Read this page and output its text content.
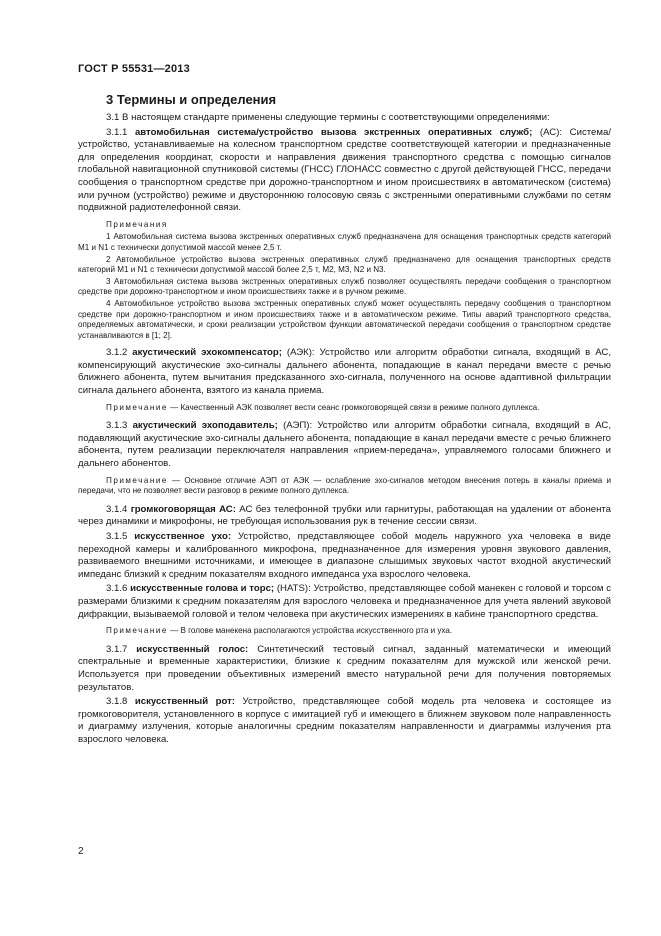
ГОСТ Р 55531—2013
3 Термины и определения

3.1 В настоящем стандарте применены следующие термины с соответствующими определениями:

3.1.1 автомобильная система/устройство вызова экстренных оперативных служб; (АС): Система/устройство, устанавливаемые на колесном транспортном средстве соответствующей категории и предназначенные для определения координат, скорости и направления движения транспортного средства с помощью сигналов глобальной навигационной спутниковой системы (ГНСС) ГЛОНАСС совместно с другой действующей ГНСС, передачи сообщения о транспортном средстве при дорожно-транспортном и ином происшествиях в автоматическом (система) или ручном (устройство) режиме и двустороннюю голосовую связь с экстренными оперативными службами по сетям подвижной радиотелефонной связи.

Примечания

1 Автомобильная система вызова экстренных оперативных служб предназначена для оснащения транспортных средств категорий М1 и N1 с технически допустимой массой менее 2,5 т.

2 Автомобильное устройство вызова экстренных оперативных служб предназначено для оснащения транспортных средств категорий М1 и N1 с технически допустимой массой более 2,5 т, М2, М3, N2 и N3.

3 Автомобильная система вызова экстренных оперативных служб позволяет осуществлять передачи сообщения о транспортном средстве при дорожно-транспортном и ином происшествиях также и в ручном режиме.

4 Автомобильное устройство вызова экстренных оперативных служб может осуществлять передачу сообщения о транспортном средстве при дорожно-транспортном и ином происшествиях также и в автоматическом режиме. Типы аварий транспортного средства, определяемых автоматически, и сроки реализации устройством функции автоматической передачи сообщения о транспортном средстве устанавливаются в [1; 2].

3.1.2 акустический эхокомпенсатор; (АЭК): Устройство или алгоритм обработки сигнала, входящий в АС, компенсирующий акустические эхо-сигналы дальнего абонента, попадающие в канал передачи вместе с речью ближнего абонента, путем вычитания предсказанного эхо-сигнала, полученного на основе адаптивной фильтрации сигнала дальнего абонента, взятого из канала приема.

Примечание — Качественный АЭК позволяет вести сеанс громкоговорящей связи в режиме полного дуплекса.

3.1.3 акустический эхоподавитель; (АЭП): Устройство или алгоритм обработки сигнала, входящий в АС, подавляющий акустические эхо-сигналы дальнего абонента, попадающие в канал передачи вместе с речью ближнего абонента, путем реализации переключателя направления «прием-передача», управляемого голосами ближнего и дальнего абонентов.

Примечание — Основное отличие АЭП от АЭК — ослабление эхо-сигналов методом внесения потерь в каналы приема и передачи, что не позволяет вести разговор в режиме полного дуплекса.

3.1.4 громкоговорящая АС: АС без телефонной трубки или гарнитуры, работающая на удалении от абонента через динамики и микрофоны, не требующая использования рук в течение сессии связи.

3.1.5 искусственное ухо: Устройство, представляющее собой модель наружного уха человека в виде переходной камеры и калиброванного микрофона, предназначенное для измерения уровня звукового давления, развиваемого внешними источниками, и имеющее в диапазоне слышимых звуковых частот входной акустический импеданс близкий к средним показателям входного импеданса уха взрослого человека.

3.1.6 искусственные голова и торс; (HATS): Устройство, представляющее собой манекен с головой и торсом с размерами близкими к средним показателям для взрослого человека и предназначенное для учета явлений звуковой дифракции, вызываемой головой и телом человека при акустических измерениях в кабине транспортного средства.

Примечание — В голове манекена располагаются устройства искусственного рта и уха.

3.1.7 искусственный голос: Синтетический тестовый сигнал, заданный математически и имеющий спектральные и временные характеристики, близкие к средним показателям для мужской или женской речи. Используется при проведении объективных измерений вместо натуральной речи для получения повторяемых результатов.

3.1.8 искусственный рот: Устройство, представляющее собой модель рта человека и состоящее из громкоговорителя, установленного в корпусе с имитацией губ и имеющего в ближнем звуковом поле направленность и диаграмму излучения, которые аналогичны средним показателям направленности и диаграммы излучения рта взрослого человека.

2
